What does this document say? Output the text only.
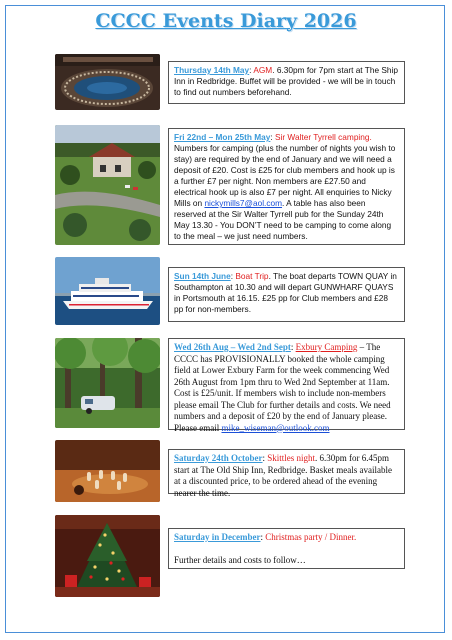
CCCC Events Diary 2026
Thursday 14th May: AGM. 6.30pm for 7pm start at The Ship Inn in Redbridge. Buffet will be provided - we will be in touch to find out numbers beforehand.
Fri 22nd – Mon 25th May: Sir Walter Tyrrell camping. Numbers for camping (plus the number of nights you wish to stay) are required by the end of January and we will need a deposit of £20. Cost is £25 for club members and hook up is a further £7 per night. Non members are £27.50 and electrical hook up is also £7 per night. All enquiries to Nicky Mills on nickymills7@aol.com. A table has also been reserved at the Sir Walter Tyrrell pub for the Sunday 24th May 13.30 - You DON’T need to be camping to come along to the meal – we just need numbers.
Sun 14th June: Boat Trip. The boat departs TOWN QUAY in Southampton at 10.30 and will depart GUNWHARF QUAYS in Portsmouth at 16.15. £25 pp for Club members and £28 pp for non-members.
Wed 26th Aug – Wed 2nd Sept: Exbury Camping – The CCCC has PROVISIONALLY booked the whole camping field at Lower Exbury Farm for the week commencing Wed 26th August from 1pm thru to Wed 2nd September at 11am. Cost is £25/unit. If members wish to include non-members please email The Club for further details and costs. We need numbers and a deposit of £20 by the end of January please. Please email mike_wiseman@outlook.com
Saturday 24th October: Skittles night. 6.30pm for 6.45pm start at The Old Ship Inn, Redbridge. Basket meals available at a discounted price, to be ordered ahead of the evening nearer the time.
Saturday in December: Christmas party / Dinner.

Further details and costs to follow…
